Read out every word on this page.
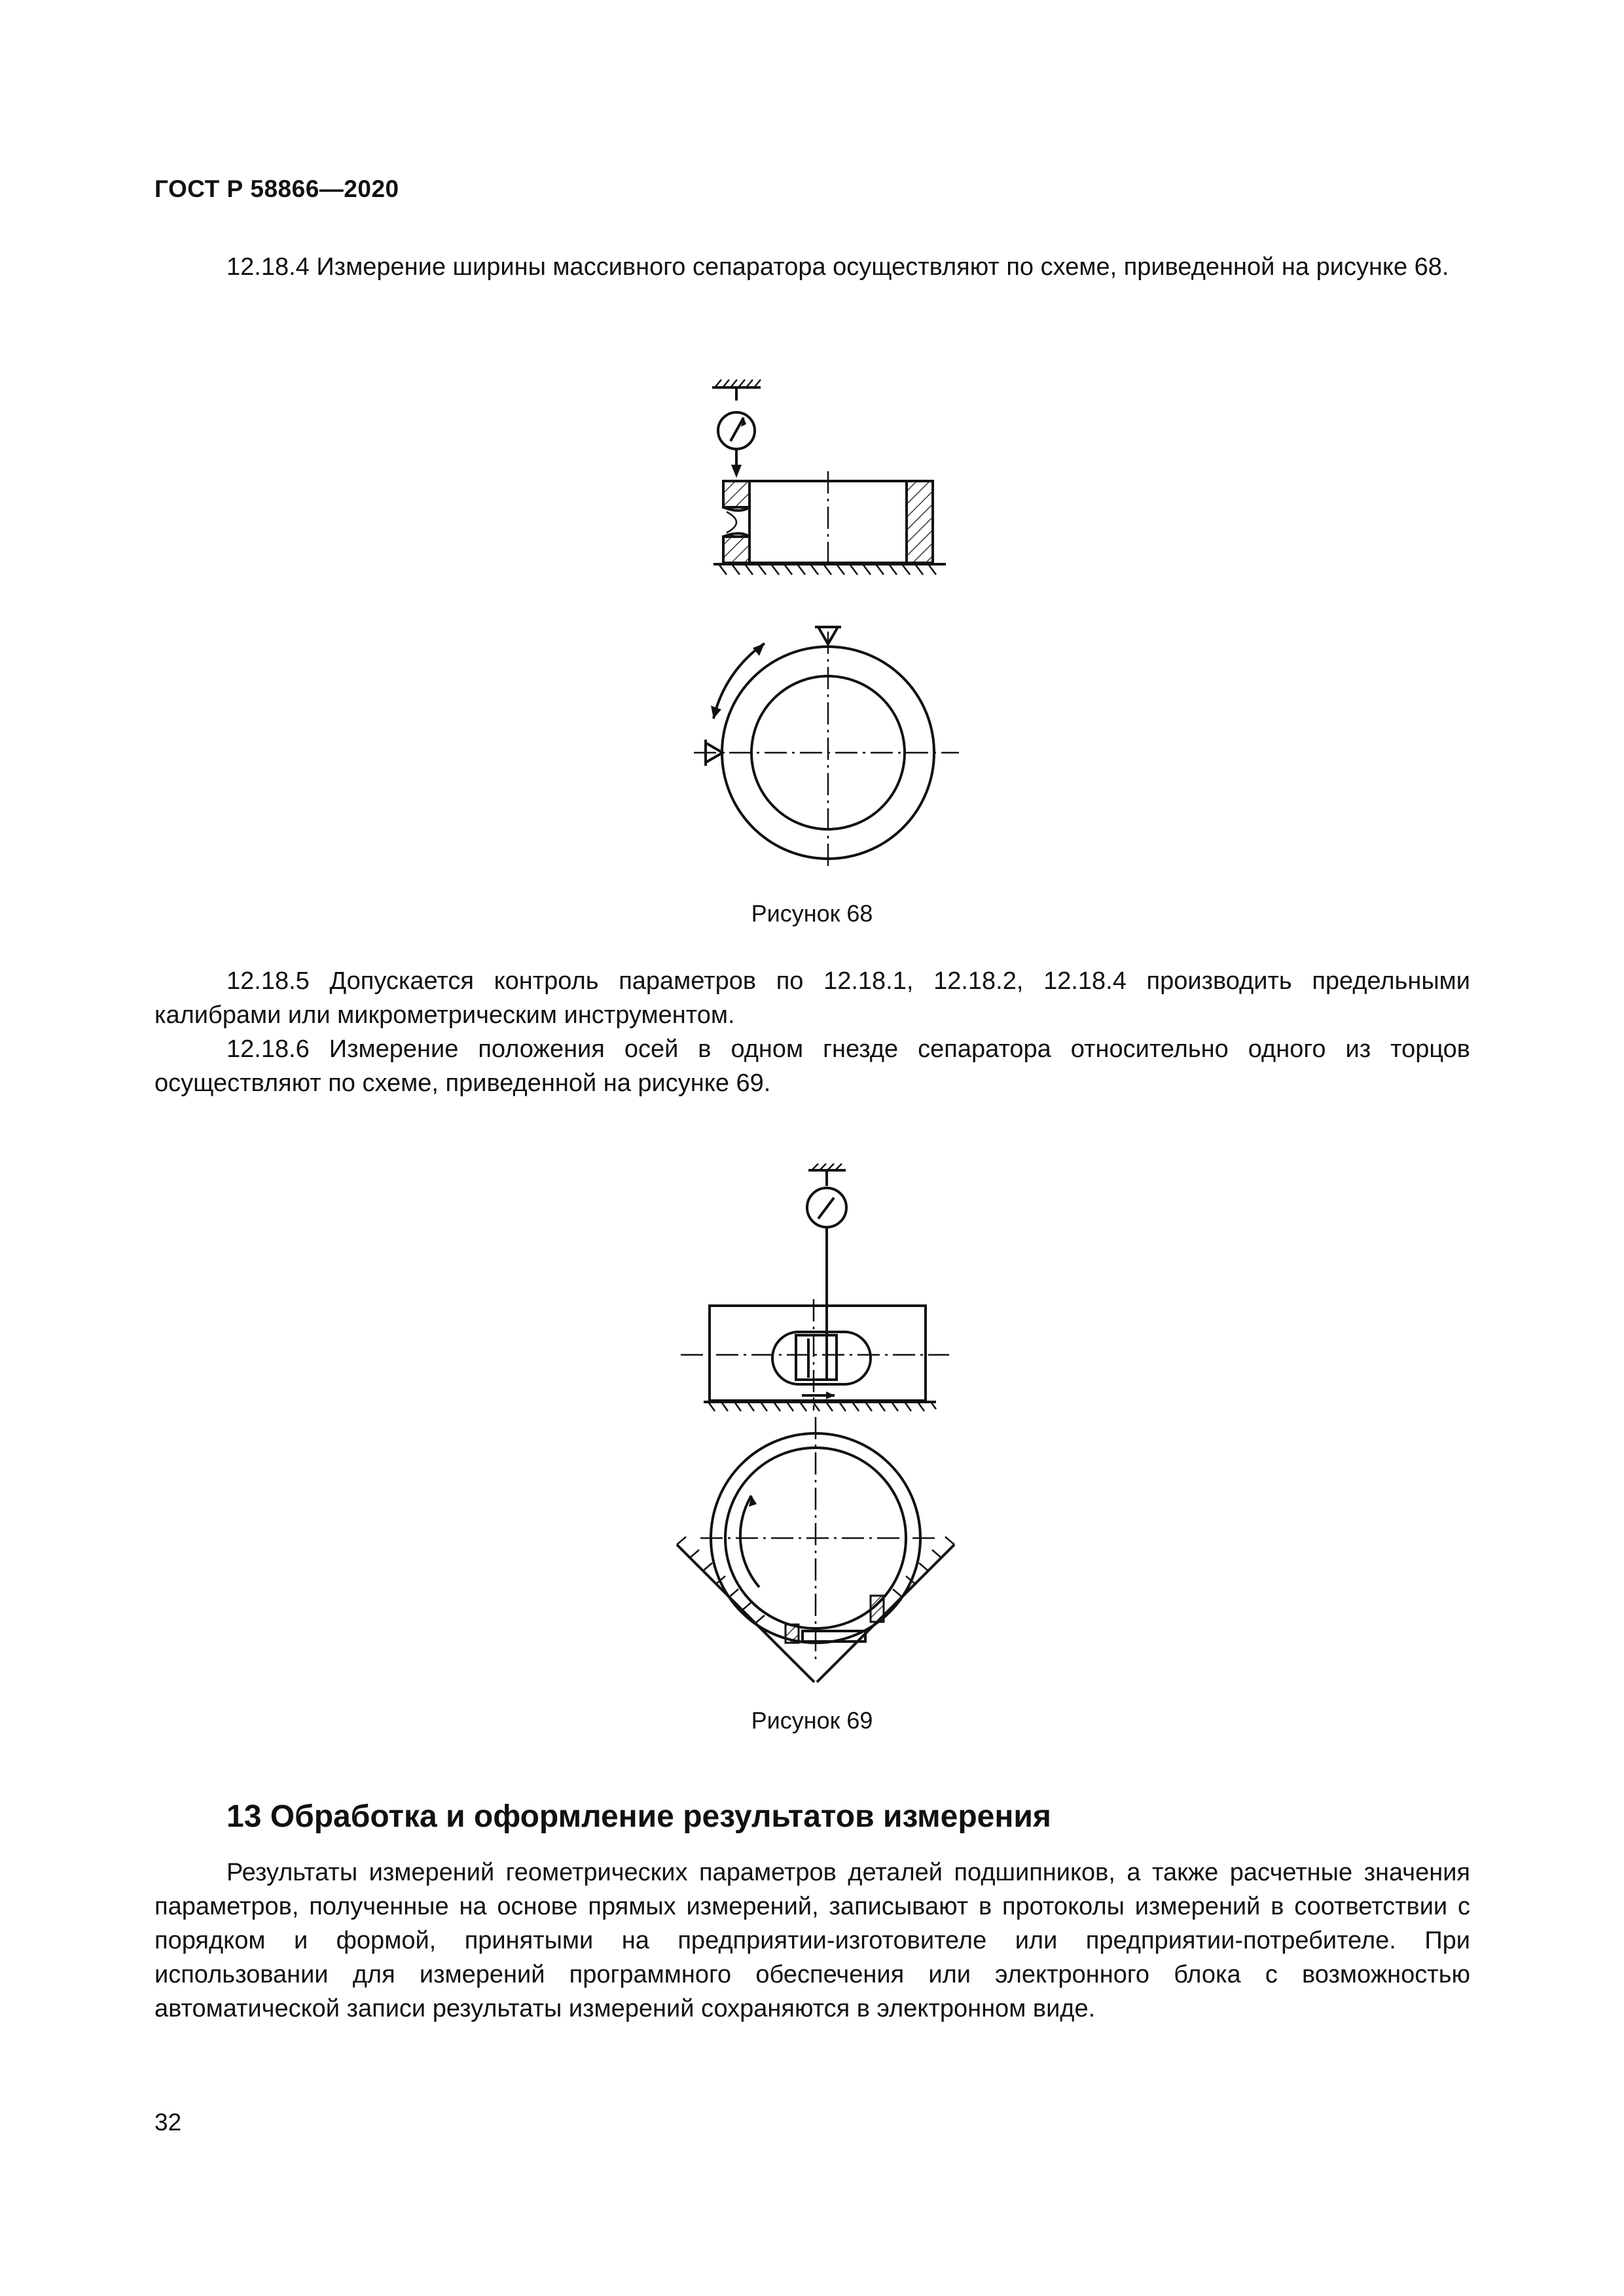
ГОСТ Р 58866—2020

12.18.4 Измерение ширины массивного сепаратора осуществляют по схеме, приведенной на рисунке 68.

Рисунок 68

12.18.5 Допускается контроль параметров по 12.18.1, 12.18.2, 12.18.4 производить предельными калибрами или микрометрическим инструментом.

12.18.6 Измерение положения осей в одном гнезде сепаратора относительно одного из торцов осуществляют по схеме, приведенной на рисунке 69.

Рисунок 69
13 Обработка и оформление результатов измерения

Результаты измерений геометрических параметров деталей подшипников, а также расчетные значения параметров, полученные на основе прямых измерений, записывают в протоколы измерений в соответствии с порядком и формой, принятыми на предприятии-изготовителе или предприятии-потребителе. При использовании для измерений программного обеспечения или электронного блока с возможностью автоматической записи результаты измерений сохраняются в электронном виде.

32
